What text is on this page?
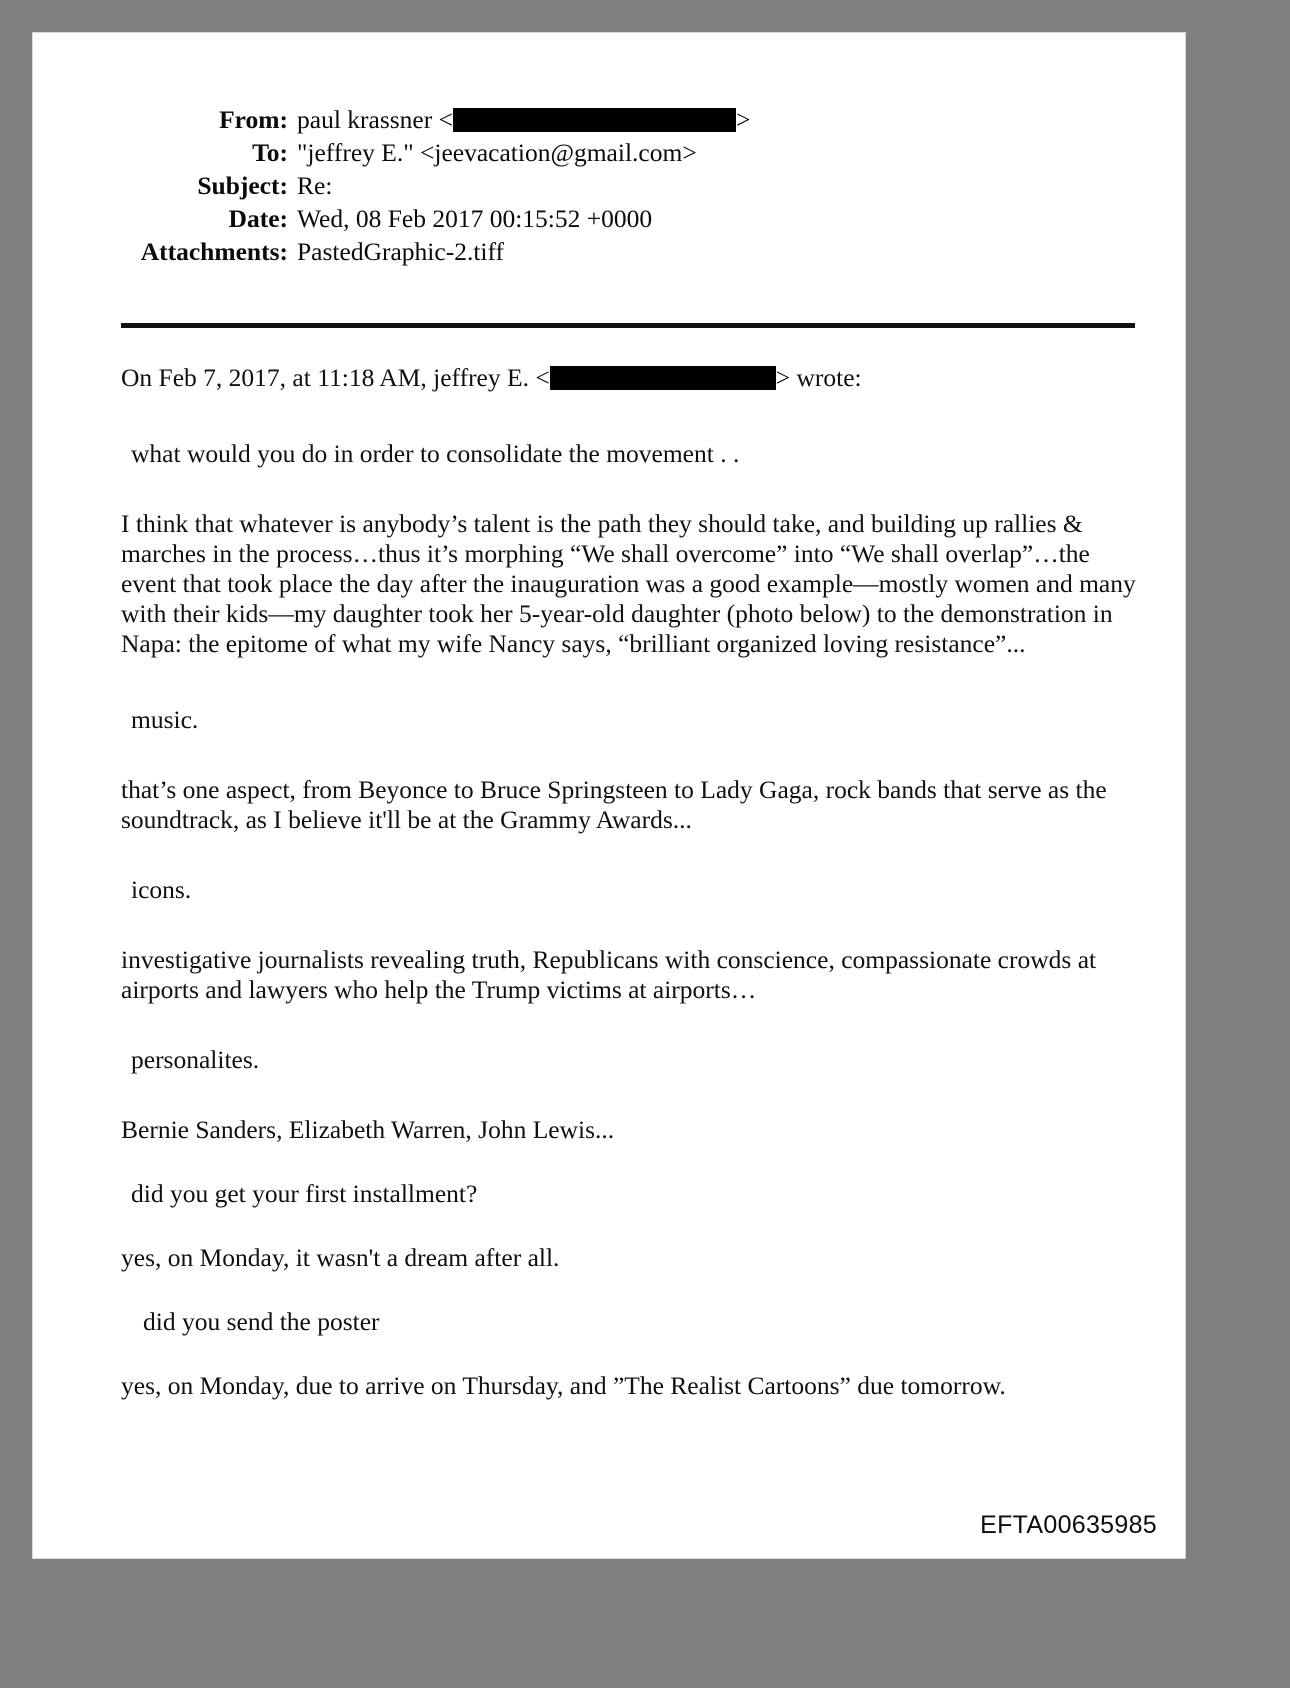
From: paul krassner <	>
To: "jeffrey E." <jeevacation@gmail.com>
Subject: Re:
Date: Wed, 08 Feb 2017 00:15:52 +0000
Attachments: PastedGraphic-2.tiff
On Feb 7, 2017, at 11:18 AM, jeffrey E. <	> wrote:
what would you do in order to consolidate the movement . .
I think that whatever is anybody’s talent is the path they should take, and building up rallies & marches in the process…thus it’s morphing “We shall overcome” into “We shall overlap”…the event that took place the day after the inauguration was a good example—mostly women and many with their kids—my daughter took her 5-year-old daughter (photo below) to the demonstration in Napa: the epitome of what my wife Nancy says, “brilliant organized loving resistance”...
music.
that’s one aspect, from Beyonce to Bruce Springsteen to Lady Gaga, rock bands that serve as the soundtrack, as I believe it'll be at the Grammy Awards...
icons.
investigative journalists revealing truth, Republicans with conscience, compassionate crowds at airports and lawyers who help the Trump victims at airports…
personalites.
Bernie Sanders, Elizabeth Warren, John Lewis...
did you get your first installment?
yes, on Monday, it wasn't a dream after all.
did you send the poster
yes, on Monday, due to arrive on Thursday, and ”The Realist Cartoons” due tomorrow.
EFTA00635985
